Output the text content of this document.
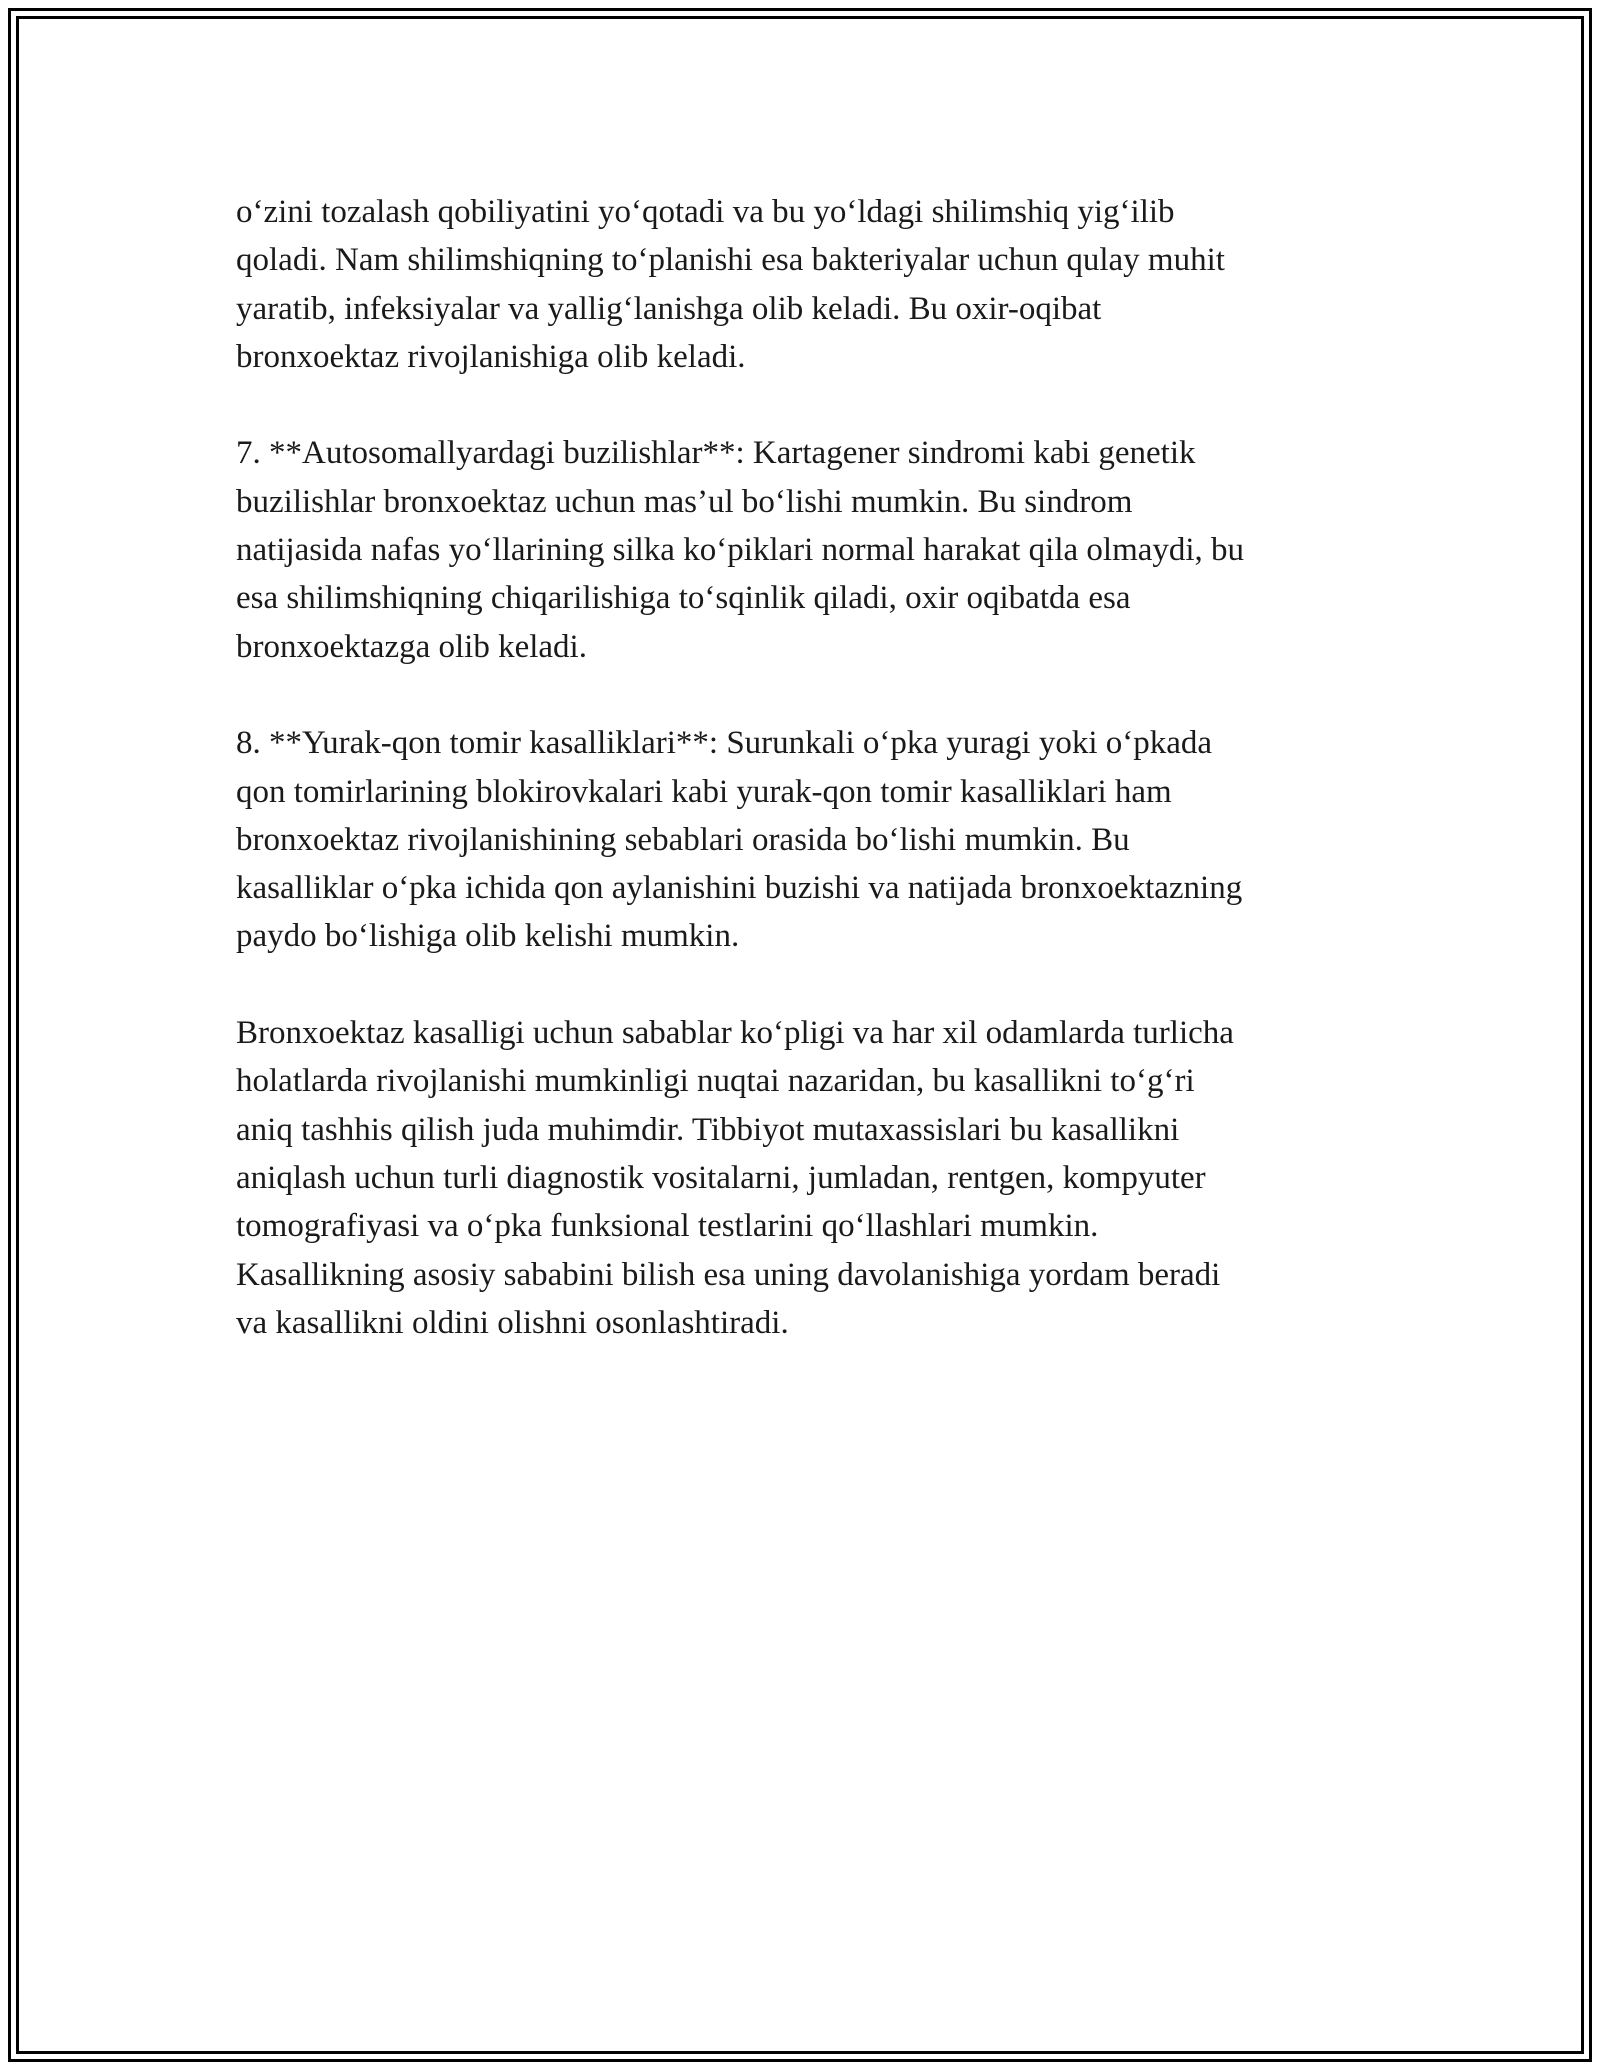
o‘zini tozalash qobiliyatini yo‘qotadi va bu yo‘ldagi shilimshiq yig‘ilib
qoladi. Nam shilimshiqning to‘planishi esa bakteriyalar uchun qulay muhit
yaratib, infeksiyalar va yallig‘lanishga olib keladi. Bu oxir-oqibat
bronxoektaz rivojlanishiga olib keladi.

7. **Autosomallyardagi buzilishlar**: Kartagener sindromi kabi genetik
buzilishlar bronxoektaz uchun mas’ul bo‘lishi mumkin. Bu sindrom
natijasida nafas yo‘llarining silka ko‘piklari normal harakat qila olmaydi, bu
esa shilimshiqning chiqarilishiga to‘sqinlik qiladi, oxir oqibatda esa
bronxoektazga olib keladi.

8. **Yurak-qon tomir kasalliklari**: Surunkali o‘pka yuragi yoki o‘pkada
qon tomirlarining blokirovkalari kabi yurak-qon tomir kasalliklari ham
bronxoektaz rivojlanishining sebablari orasida bo‘lishi mumkin. Bu
kasalliklar o‘pka ichida qon aylanishini buzishi va natijada bronxoektazning
paydo bo‘lishiga olib kelishi mumkin.

Bronxoektaz kasalligi uchun sabablar ko‘pligi va har xil odamlarda turlicha
holatlarda rivojlanishi mumkinligi nuqtai nazaridan, bu kasallikni to‘g‘ri
aniq tashhis qilish juda muhimdir. Tibbiyot mutaxassislari bu kasallikni
aniqlash uchun turli diagnostik vositalarni, jumladan, rentgen, kompyuter
tomografiyasi va o‘pka funksional testlarini qo‘llashlari mumkin.
Kasallikning asosiy sababini bilish esa uning davolanishiga yordam beradi
va kasallikni oldini olishni osonlashtiradi.
